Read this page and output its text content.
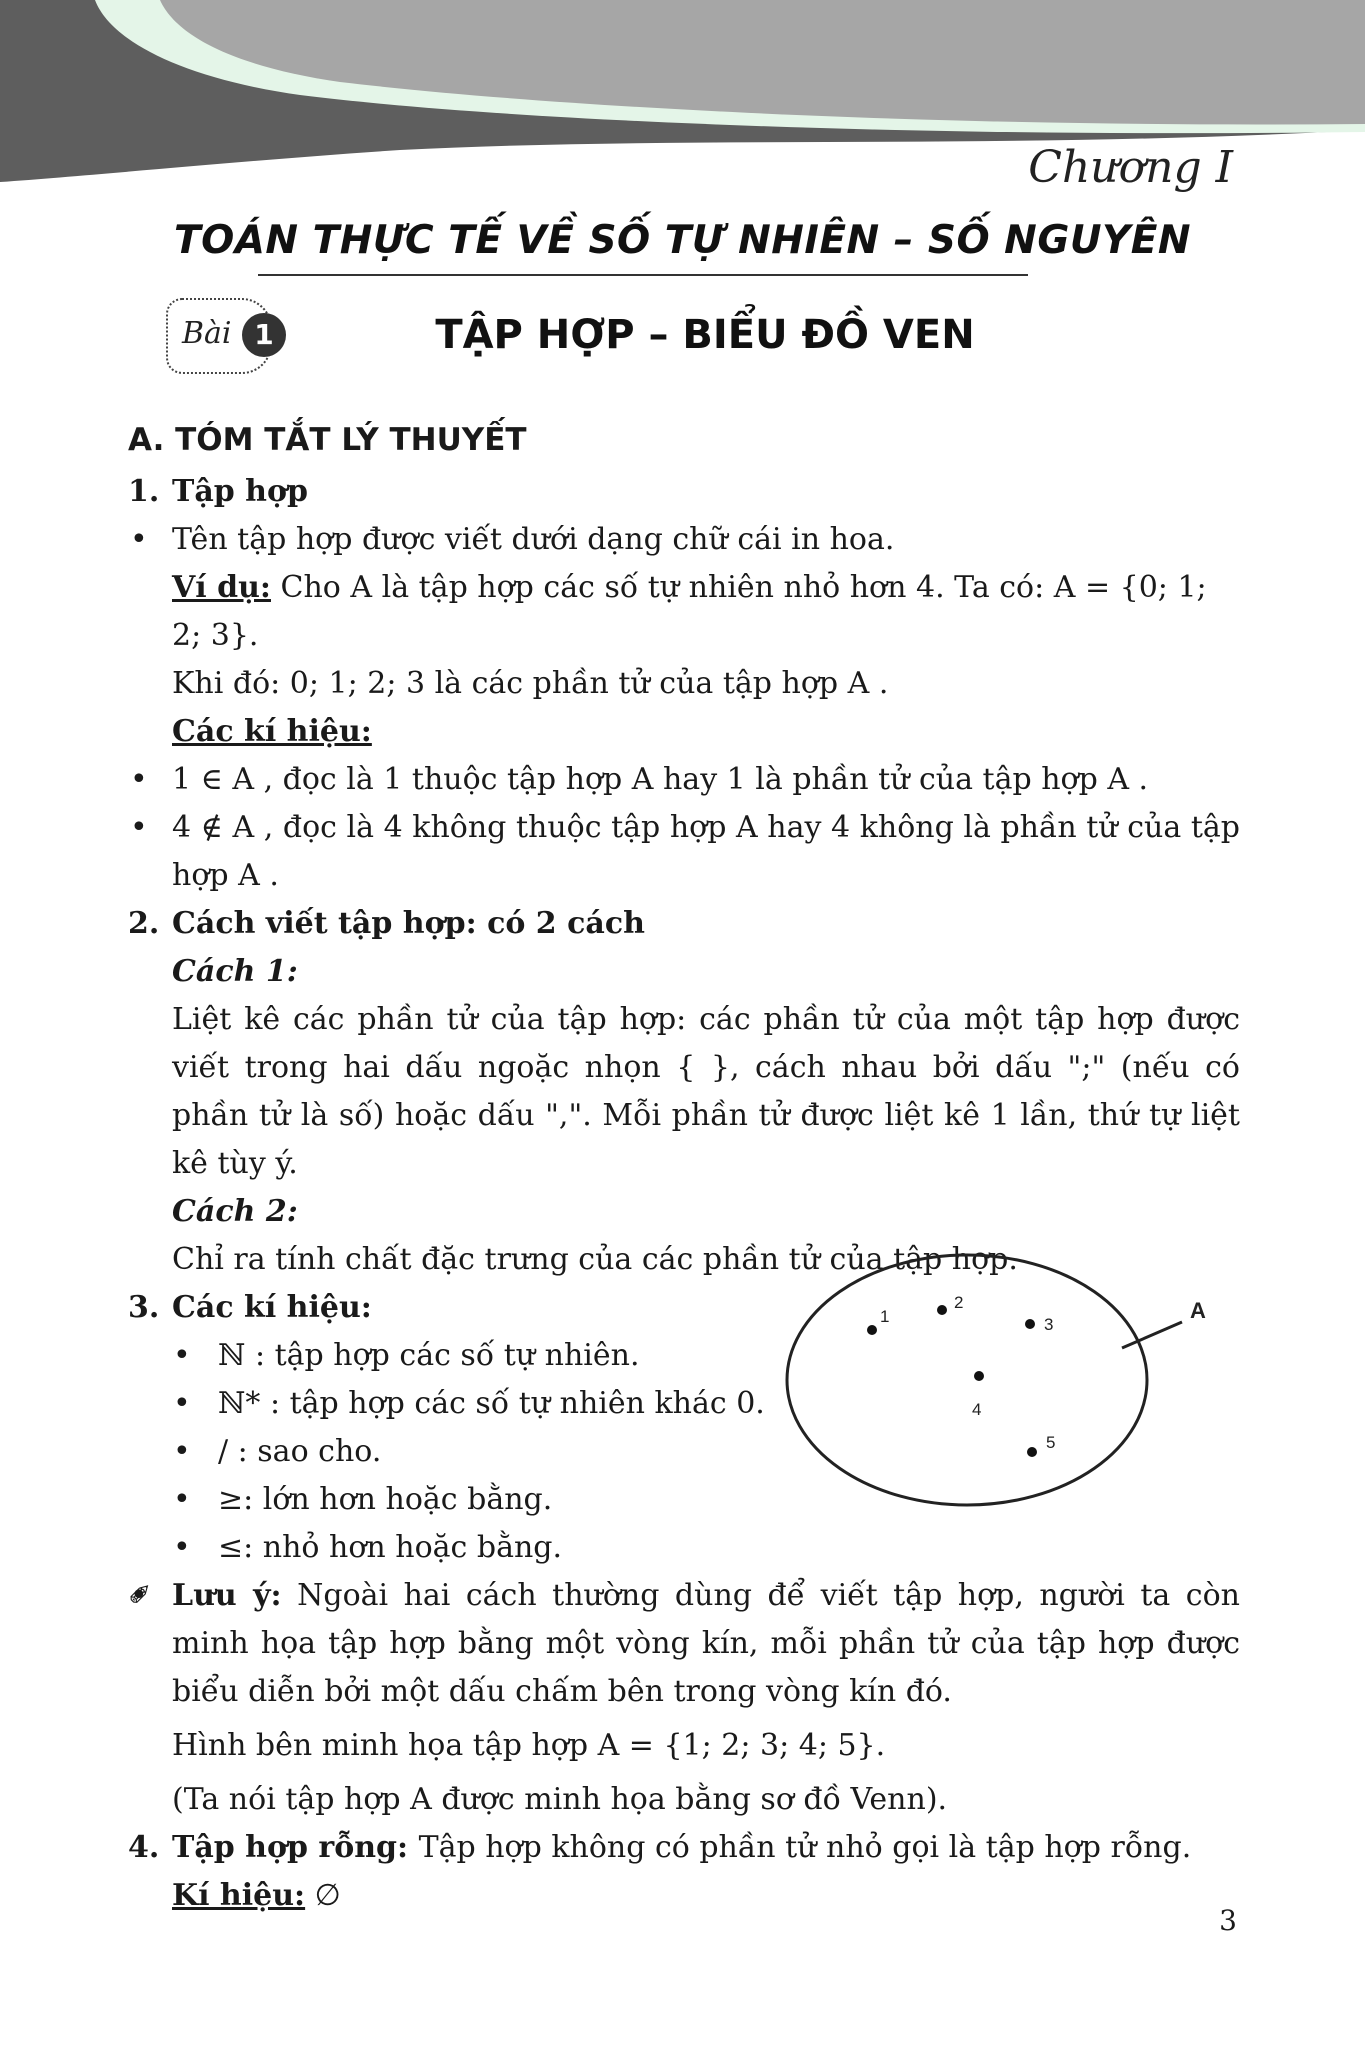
Chương I
TOÁN THỰC TẾ VỀ SỐ TỰ NHIÊN – SỐ NGUYÊN
Bài 1	TẬP HỢP – BIỂU ĐỒ VEN

A. TÓM TẮT LÝ THUYẾT

1. Tập hợp

• Tên tập hợp được viết dưới dạng chữ cái in hoa.

Ví dụ: Cho A là tập hợp các số tự nhiên nhỏ hơn 4. Ta có: A = {0; 1; 2; 3}.

Khi đó: 0; 1; 2; 3 là các phần tử của tập hợp A .

Các kí hiệu:

• 1 ∈ A , đọc là 1 thuộc tập hợp A hay 1 là phần tử của tập hợp A .

• 4 ∉ A , đọc là 4 không thuộc tập hợp A hay 4 không là phần tử của tập hợp A .

2. Cách viết tập hợp: có 2 cách

Cách 1:

Liệt kê các phần tử của tập hợp: các phần tử của một tập hợp được viết trong hai dấu ngoặc nhọn { }, cách nhau bởi dấu ";" (nếu có phần tử là số) hoặc dấu ",". Mỗi phần tử được liệt kê 1 lần, thứ tự liệt kê tùy ý.

Cách 2:

Chỉ ra tính chất đặc trưng của các phần tử của tập hợp.

3. Các kí hiệu:

• ℕ : tập hợp các số tự nhiên.

• ℕ* : tập hợp các số tự nhiên khác 0.

• / : sao cho.

• ≥: lớn hơn hoặc bằng.

• ≤: nhỏ hơn hoặc bằng.

• ✐ Lưu ý: Ngoài hai cách thường dùng để viết tập hợp, người ta còn minh họa tập hợp bằng một vòng kín, mỗi phần tử của tập hợp được biểu diễn bởi một dấu chấm bên trong vòng kín đó.

Hình bên minh họa tập hợp A = {1; 2; 3; 4; 5}.

(Ta nói tập hợp A được minh họa bằng sơ đồ Venn).

4. Tập hợp rỗng: Tập hợp không có phần tử nhỏ gọi là tập hợp rỗng.

Kí hiệu: ∅

A
1
2
3
4
5
3
